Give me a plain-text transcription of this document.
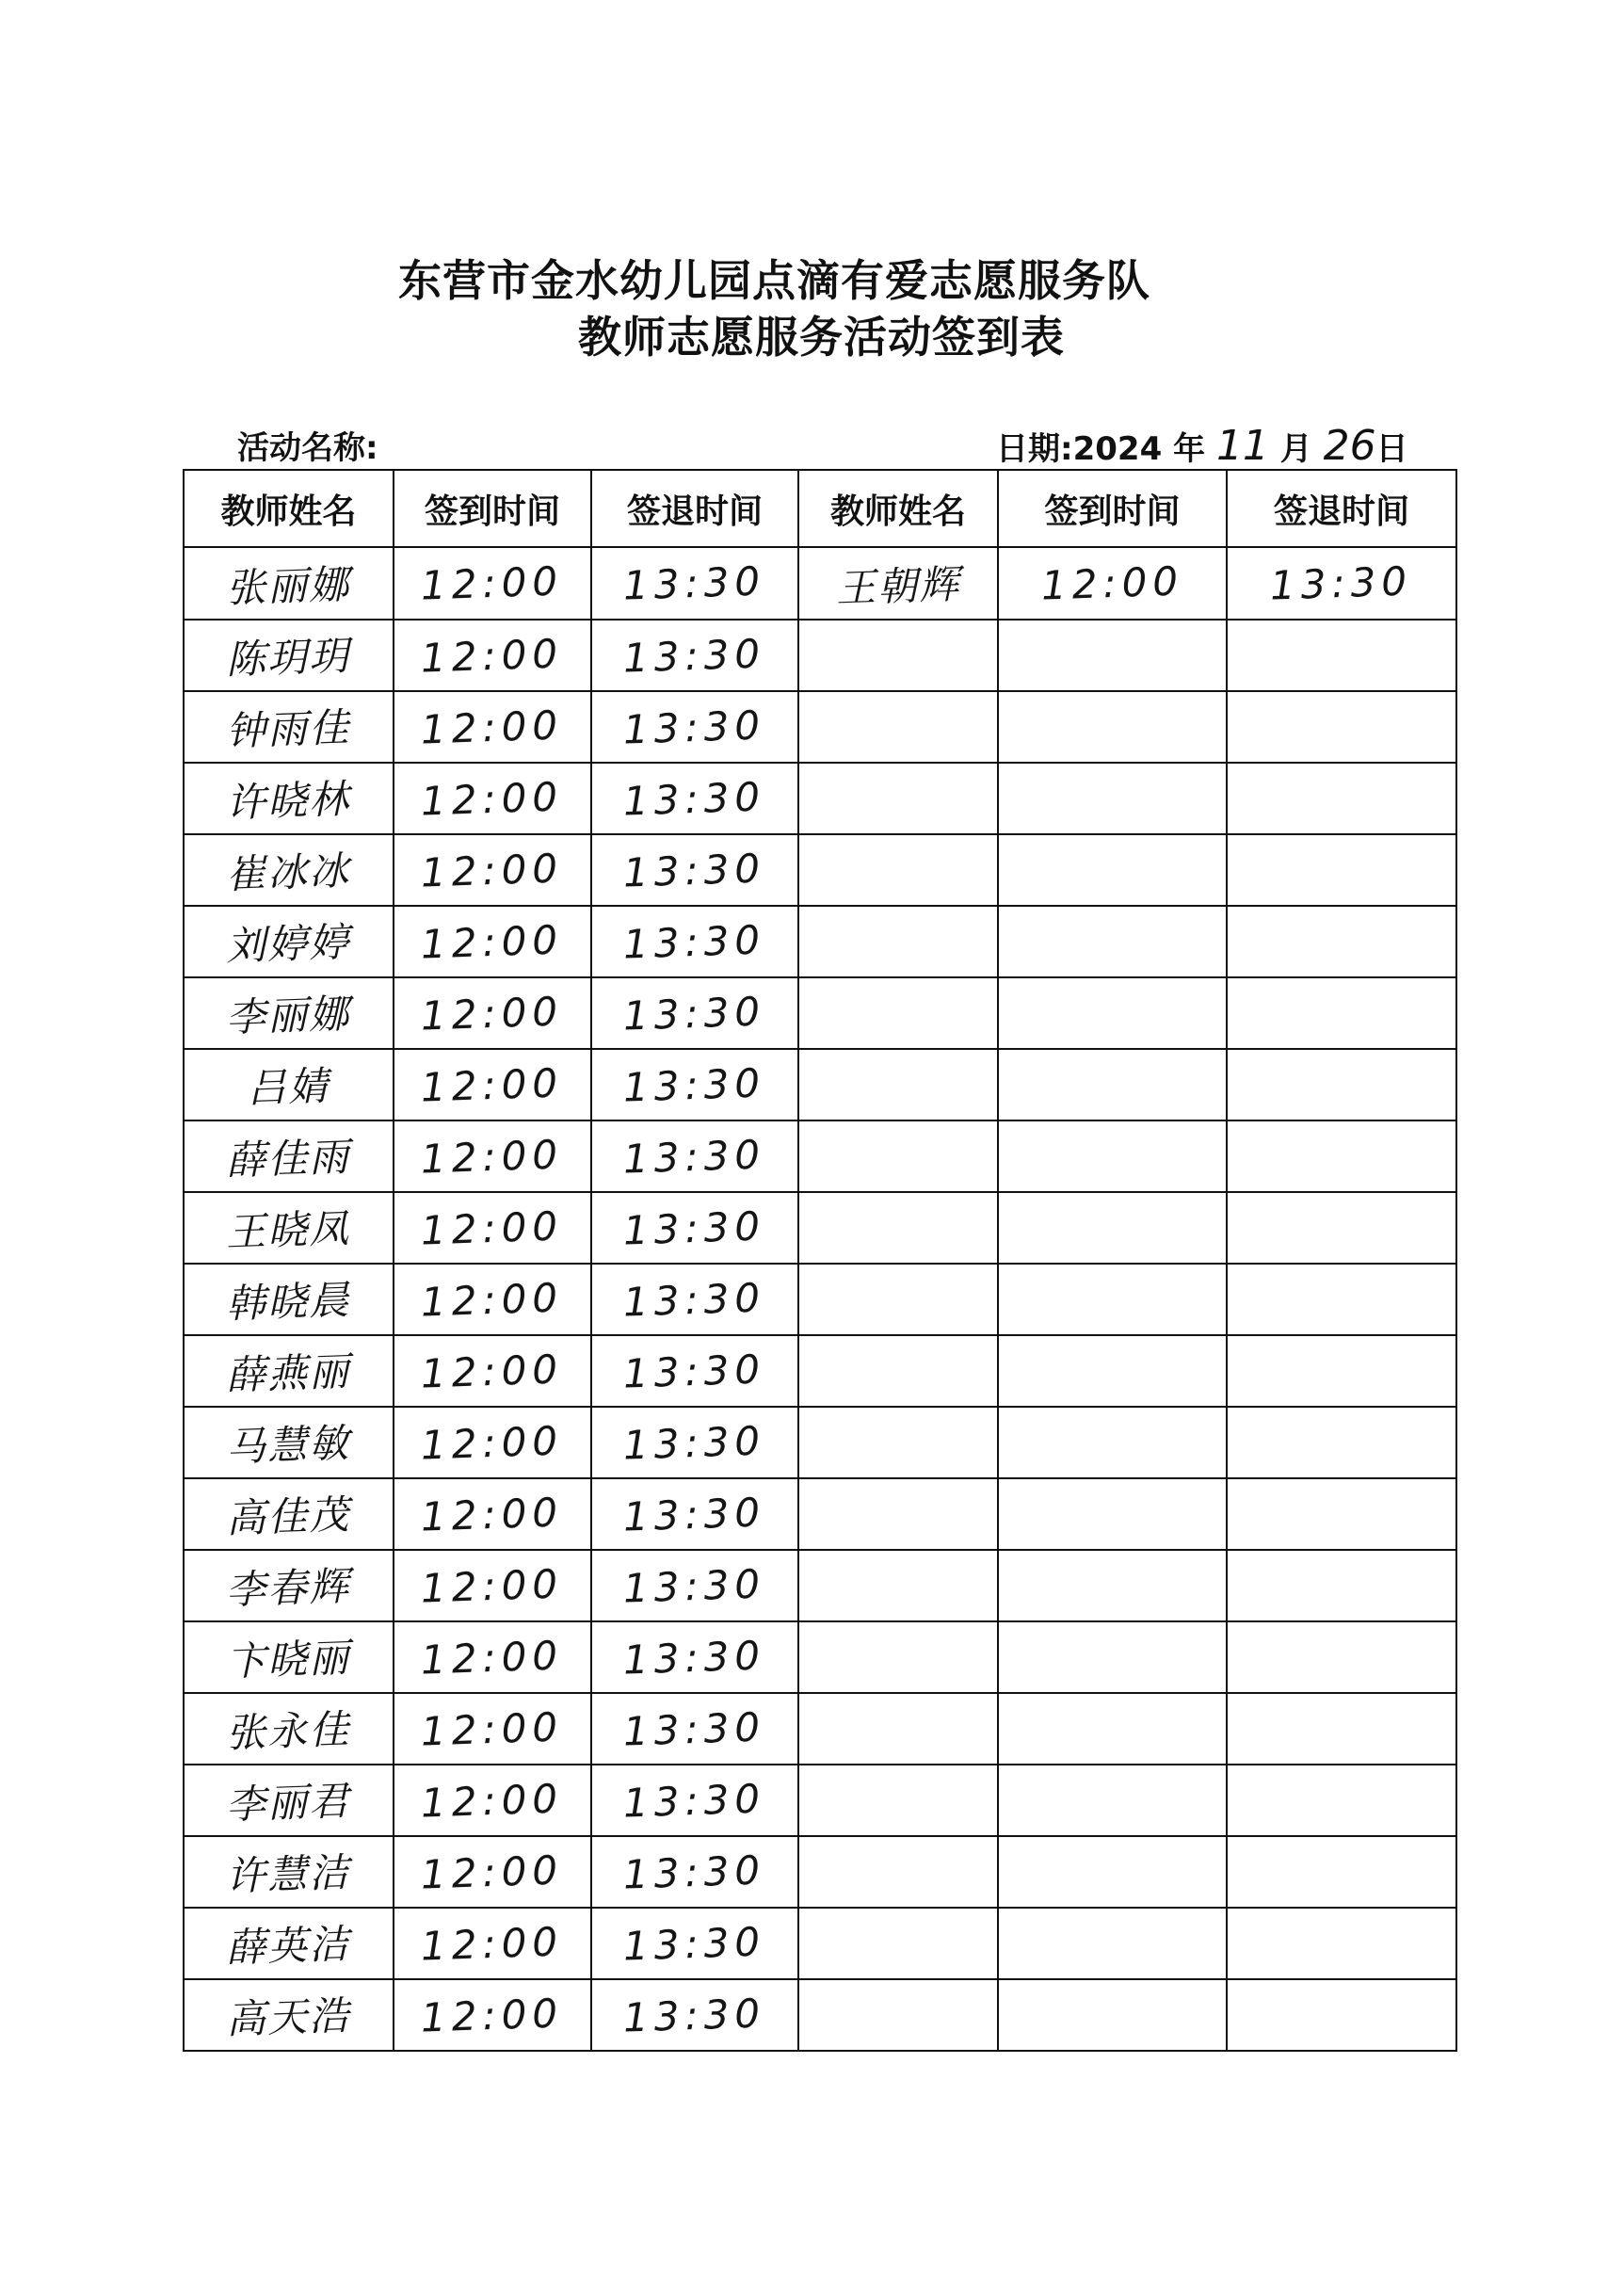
东营市金水幼儿园点滴有爱志愿服务队
教师志愿服务活动签到表
活动名称:	日期:2024 年 11 月 26日
教师姓名	签到时间	签退时间	教师姓名	签到时间	签退时间
张丽娜	12:00	13:30	王朝辉	12:00	13:30
陈玥玥	12:00	13:30			
钟雨佳	12:00	13:30			
许晓林	12:00	13:30			
崔冰冰	12:00	13:30			
刘婷婷	12:00	13:30			
李丽娜	12:00	13:30			
吕婧	12:00	13:30			
薛佳雨	12:00	13:30			
王晓凤	12:00	13:30			
韩晓晨	12:00	13:30			
薛燕丽	12:00	13:30			
马慧敏	12:00	13:30			
高佳茂	12:00	13:30			
李春辉	12:00	13:30			
卞晓丽	12:00	13:30			
张永佳	12:00	13:30			
李丽君	12:00	13:30			
许慧洁	12:00	13:30			
薛英洁	12:00	13:30			
高天浩	12:00	13:30			
